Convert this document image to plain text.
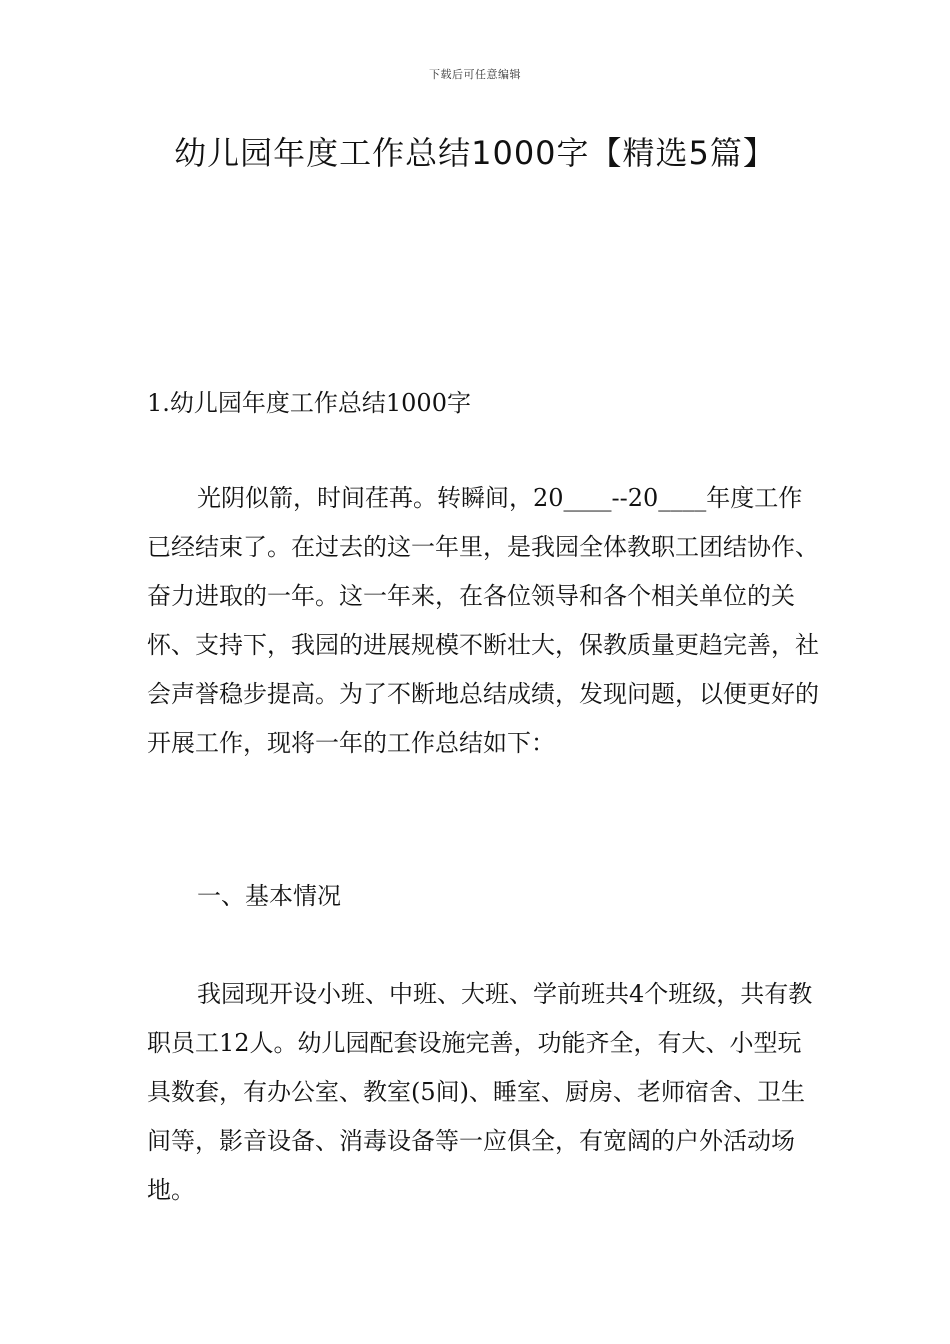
下载后可任意编辑
幼儿园年度工作总结1000字【精选5篇】

1.幼儿园年度工作总结1000字

光阴似箭，时间荏苒。转瞬间，20____--20____年度工作已经结束了。在过去的这一年里，是我园全体教职工团结协作、奋力进取的一年。这一年来，在各位领导和各个相关单位的关怀、支持下，我园的进展规模不断壮大，保教质量更趋完善，社会声誉稳步提高。为了不断地总结成绩，发现问题，以便更好的开展工作，现将一年的工作总结如下：

一、基本情况

我园现开设小班、中班、大班、学前班共4个班级，共有教职员工12人。幼儿园配套设施完善，功能齐全，有大、小型玩具数套，有办公室、教室(5间)、睡室、厨房、老师宿舍、卫生间等，影音设备、消毒设备等一应俱全，有宽阔的户外活动场地。
